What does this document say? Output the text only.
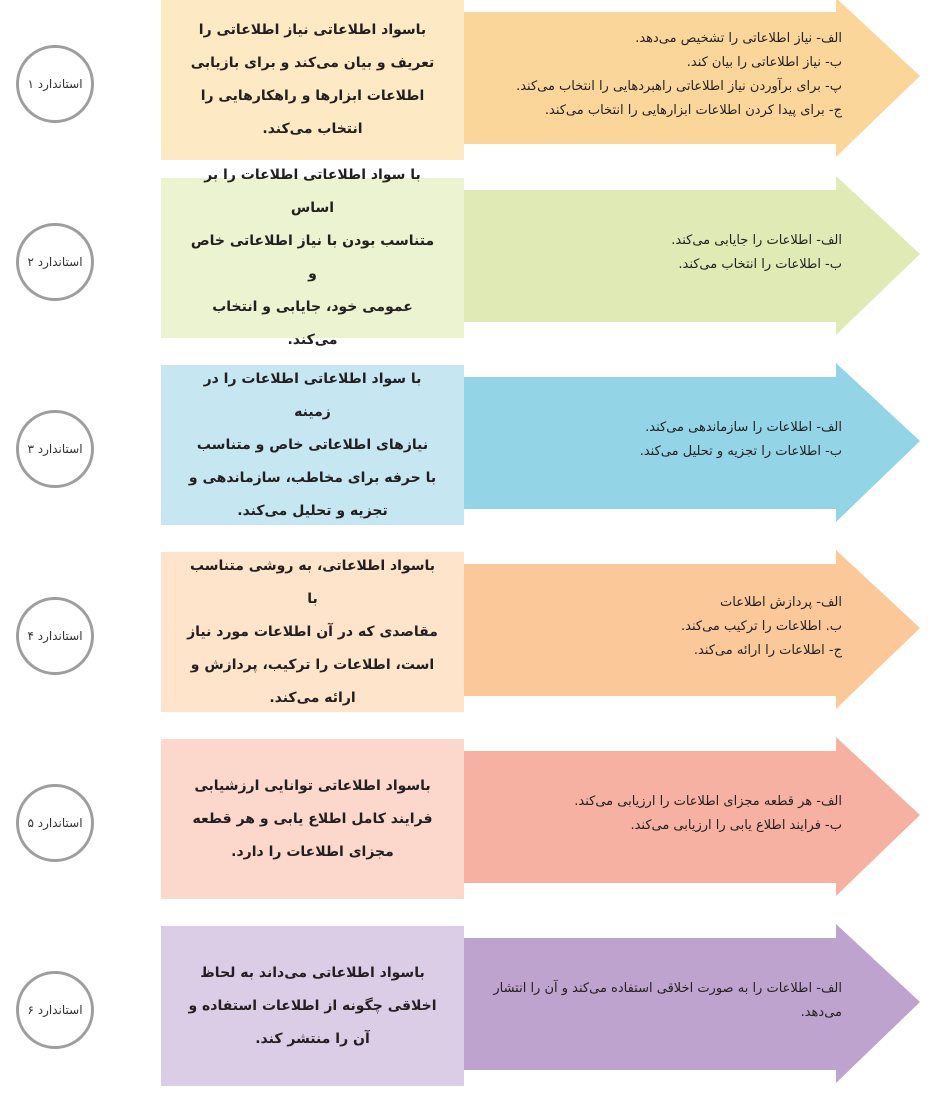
استاندارد ۱
باسواد اطلاعاتی نیاز اطلاعاتی را
تعریف و بیان می‌کند و برای بازیابی
اطلاعات ابزارها و راهکارهایی را
انتخاب می‌کند.
الف- نیاز اطلاعاتی را تشخیص می‌دهد.
ب- نیاز اطلاعاتی را بیان کند.
پ- برای برآوردن نیاز اطلاعاتی راهبردهایی را انتخاب می‌کند.
ج- برای پیدا کردن اطلاعات ابزارهایی را انتخاب می‌کند.
استاندارد ۲
با سواد اطلاعاتی اطلاعات را بر اساس
متناسب بودن با نیاز اطلاعاتی خاص و
عمومی خود، جایابی و انتخاب می‌کند.
الف- اطلاعات را جایابی می‌کند.
ب- اطلاعات را انتخاب می‌کند.
استاندارد ۳
با سواد اطلاعاتی اطلاعات را در زمینه
نیازهای اطلاعاتی خاص و متناسب
با حرفه برای مخاطب، سازماندهی و
تجزیه و تحلیل می‌کند.
الف- اطلاعات را سازماندهی می‌کند.
ب- اطلاعات را تجزیه و تحلیل می‌کند.
استاندارد ۴
باسواد اطلاعاتی، به روشی متناسب با
مقاصدی که در آن اطلاعات مورد نیاز
است، اطلاعات را ترکیب، پردازش و
ارائه می‌کند.
الف- پردازش اطلاعات
ب. اطلاعات را ترکیب می‌کند.
ج- اطلاعات را ارائه می‌کند.
استاندارد ۵
باسواد اطلاعاتی توانایی ارزشیابی
فرایند کامل اطلاع یابی و هر قطعه
مجزای اطلاعات را دارد.
الف- هر قطعه مجزای اطلاعات را ارزیابی می‌کند.
ب- فرایند اطلاع یابی را ارزیابی می‌کند.
استاندارد ۶
باسواد اطلاعاتی می‌داند به لحاظ
اخلاقی چگونه از اطلاعات استفاده و
آن را منتشر کند.
الف- اطلاعات را به صورت اخلاقی استفاده می‌کند و آن را انتشار
می‌دهد.
